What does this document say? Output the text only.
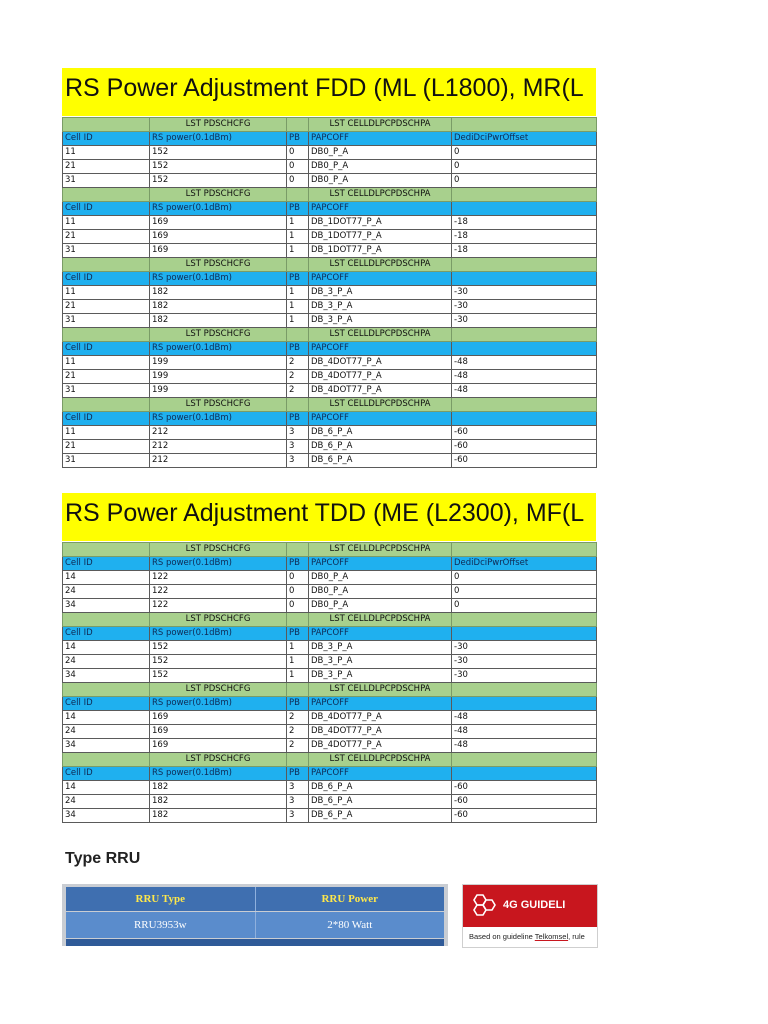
RS Power Adjustment FDD (ML (L1800), MR(L
	LST PDSCHCFG		LST CELLDLPCPDSCHPA	
Cell ID	RS power(0.1dBm)	PB	PAPCOFF	DediDciPwrOffset
11	152	0	DB0_P_A	0
21	152	0	DB0_P_A	0
31	152	0	DB0_P_A	0
	LST PDSCHCFG		LST CELLDLPCPDSCHPA	
Cell ID	RS power(0.1dBm)	PB	PAPCOFF	
11	169	1	DB_1DOT77_P_A	-18
21	169	1	DB_1DOT77_P_A	-18
31	169	1	DB_1DOT77_P_A	-18
	LST PDSCHCFG		LST CELLDLPCPDSCHPA	
Cell ID	RS power(0.1dBm)	PB	PAPCOFF	
11	182	1	DB_3_P_A	-30
21	182	1	DB_3_P_A	-30
31	182	1	DB_3_P_A	-30
	LST PDSCHCFG		LST CELLDLPCPDSCHPA	
Cell ID	RS power(0.1dBm)	PB	PAPCOFF	
11	199	2	DB_4DOT77_P_A	-48
21	199	2	DB_4DOT77_P_A	-48
31	199	2	DB_4DOT77_P_A	-48
	LST PDSCHCFG		LST CELLDLPCPDSCHPA	
Cell ID	RS power(0.1dBm)	PB	PAPCOFF	
11	212	3	DB_6_P_A	-60
21	212	3	DB_6_P_A	-60
31	212	3	DB_6_P_A	-60
RS Power Adjustment TDD (ME (L2300), MF(L
	LST PDSCHCFG		LST CELLDLPCPDSCHPA	
Cell ID	RS power(0.1dBm)	PB	PAPCOFF	DediDciPwrOffset
14	122	0	DB0_P_A	0
24	122	0	DB0_P_A	0
34	122	0	DB0_P_A	0
	LST PDSCHCFG		LST CELLDLPCPDSCHPA	
Cell ID	RS power(0.1dBm)	PB	PAPCOFF	
14	152	1	DB_3_P_A	-30
24	152	1	DB_3_P_A	-30
34	152	1	DB_3_P_A	-30
	LST PDSCHCFG		LST CELLDLPCPDSCHPA	
Cell ID	RS power(0.1dBm)	PB	PAPCOFF	
14	169	2	DB_4DOT77_P_A	-48
24	169	2	DB_4DOT77_P_A	-48
34	169	2	DB_4DOT77_P_A	-48
	LST PDSCHCFG		LST CELLDLPCPDSCHPA	
Cell ID	RS power(0.1dBm)	PB	PAPCOFF	
14	182	3	DB_6_P_A	-60
24	182	3	DB_6_P_A	-60
34	182	3	DB_6_P_A	-60
Type RRU
RRU Type	RRU Power
RRU3953w	2*80 Watt
4G GUIDELI
Based on guideline Telkomsel, rule
